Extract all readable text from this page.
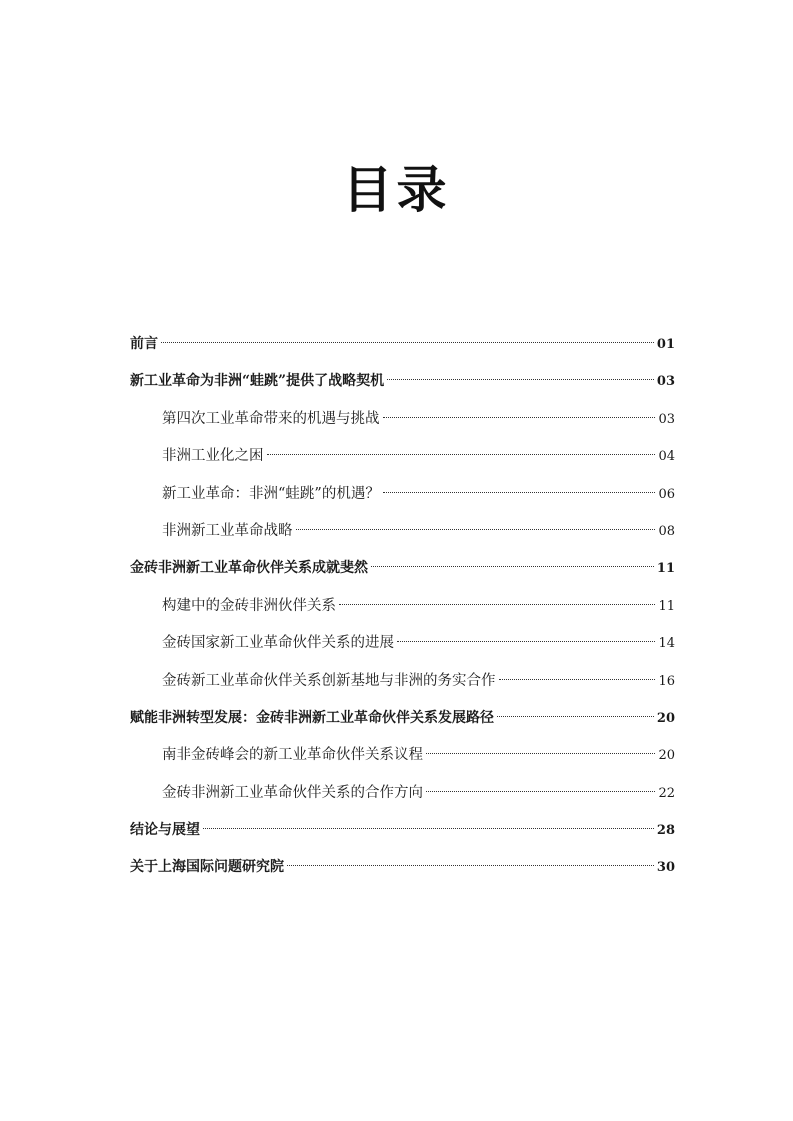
目录
前言	01
新工业革命为非洲“蛙跳”提供了战略契机	03
第四次工业革命带来的机遇与挑战	03
非洲工业化之困	04
新工业革命：非洲“蛙跳”的机遇？	06
非洲新工业革命战略	08
金砖非洲新工业革命伙伴关系成就斐然	11
构建中的金砖非洲伙伴关系	11
金砖国家新工业革命伙伴关系的进展	14
金砖新工业革命伙伴关系创新基地与非洲的务实合作	16
赋能非洲转型发展：金砖非洲新工业革命伙伴关系发展路径	20
南非金砖峰会的新工业革命伙伴关系议程	20
金砖非洲新工业革命伙伴关系的合作方向	22
结论与展望	28
关于上海国际问题研究院	30
